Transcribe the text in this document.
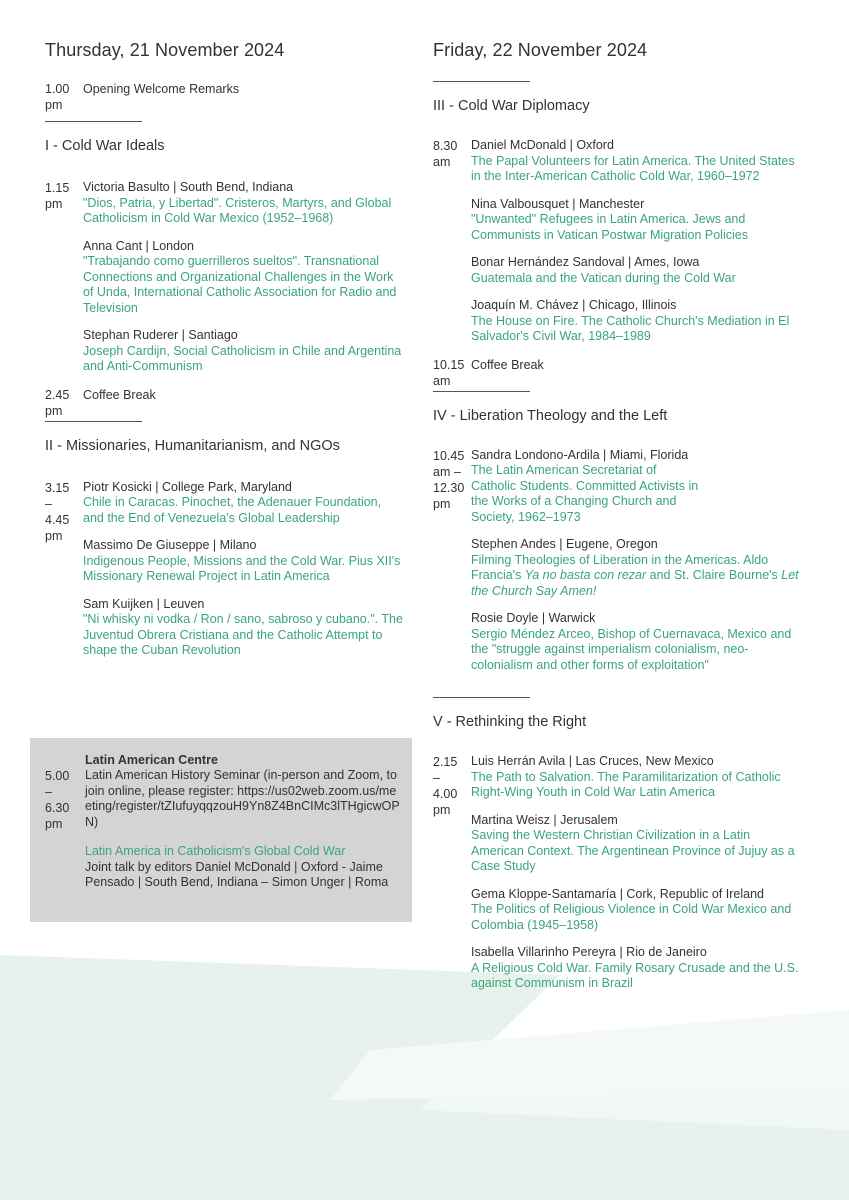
Thursday, 21 November 2024
1.00 pm
Opening Welcome Remarks
I - Cold War Ideals
1.15 pm
Victoria Basulto | South Bend, Indiana
"Dios, Patria, y Libertad". Cristeros, Martyrs, and Global Catholicism in Cold War Mexico (1952–1968)
Anna Cant | London
"Trabajando como guerrilleros sueltos". Transnational Connections and Organizational Challenges in the Work of Unda, International Catholic Association for Radio and Television
Stephan Ruderer | Santiago
Joseph Cardijn, Social Catholicism in Chile and Argentina and Anti-Communism
2.45 pm
Coffee Break
II - Missionaries, Humanitarianism, and NGOs
3.15 – 4.45 pm
Piotr Kosicki | College Park, Maryland
Chile in Caracas. Pinochet, the Adenauer Foundation, and the End of Venezuela's Global Leadership
Massimo De Giuseppe | Milano
Indigenous People, Missions and the Cold War. Pius XII's Missionary Renewal Project in Latin America
Sam Kuijken | Leuven
"Ni whisky ni vodka / Ron / sano, sabroso y cubano.". The Juventud Obrera Cristiana and the Catholic Attempt to shape the Cuban Revolution
Latin American Centre
5.00 – 6.30 pm
Latin American History Seminar (in-person and Zoom, to join online, please register: https://us02web.zoom.us/meeting/register/tZIufuyqqzouH9Yn8Z4BnCIMc3lTHgicwOPN)
Latin America in Catholicism's Global Cold War
Joint talk by editors Daniel McDonald | Oxford - Jaime Pensado | South Bend, Indiana – Simon Unger | Roma
Friday, 22 November 2024
III - Cold War Diplomacy
8.30 am
Daniel McDonald | Oxford
The Papal Volunteers for Latin America. The United States in the Inter-American Catholic Cold War, 1960–1972
Nina Valbousquet | Manchester
"Unwanted" Refugees in Latin America. Jews and Communists in Vatican Postwar Migration Policies
Bonar Hernández Sandoval | Ames, Iowa
Guatemala and the Vatican during the Cold War
Joaquín M. Chávez | Chicago, Illinois
The House on Fire. The Catholic Church's Mediation in El Salvador's Civil War, 1984–1989
10.15 am
Coffee Break
IV - Liberation Theology and the Left
10.45 am – 12.30 pm
Sandra Londono-Ardila | Miami, Florida
The Latin American Secretariat of Catholic Students. Committed Activists in the Works of a Changing Church and Society, 1962–1973
Stephen Andes | Eugene, Oregon
Filming Theologies of Liberation in the Americas. Aldo Francia's Ya no basta con rezar and St. Claire Bourne's Let the Church Say Amen!
Rosie Doyle | Warwick
Sergio Méndez Arceo, Bishop of Cuernavaca, Mexico and the "struggle against imperialism colonialism, neo-colonialism and other forms of exploitation"
V - Rethinking the Right
2.15 – 4.00 pm
Luis Herrán Avila | Las Cruces, New Mexico
The Path to Salvation. The Paramilitarization of Catholic Right-Wing Youth in Cold War Latin America
Martina Weisz | Jerusalem
Saving the Western Christian Civilization in a Latin American Context. The Argentinean Province of Jujuy as a Case Study
Gema Kloppe-Santamaría | Cork, Republic of Ireland
The Politics of Religious Violence in Cold War Mexico and Colombia (1945–1958)
Isabella Villarinho Pereyra | Rio de Janeiro
A Religious Cold War. Family Rosary Crusade and the U.S. against Communism in Brazil
